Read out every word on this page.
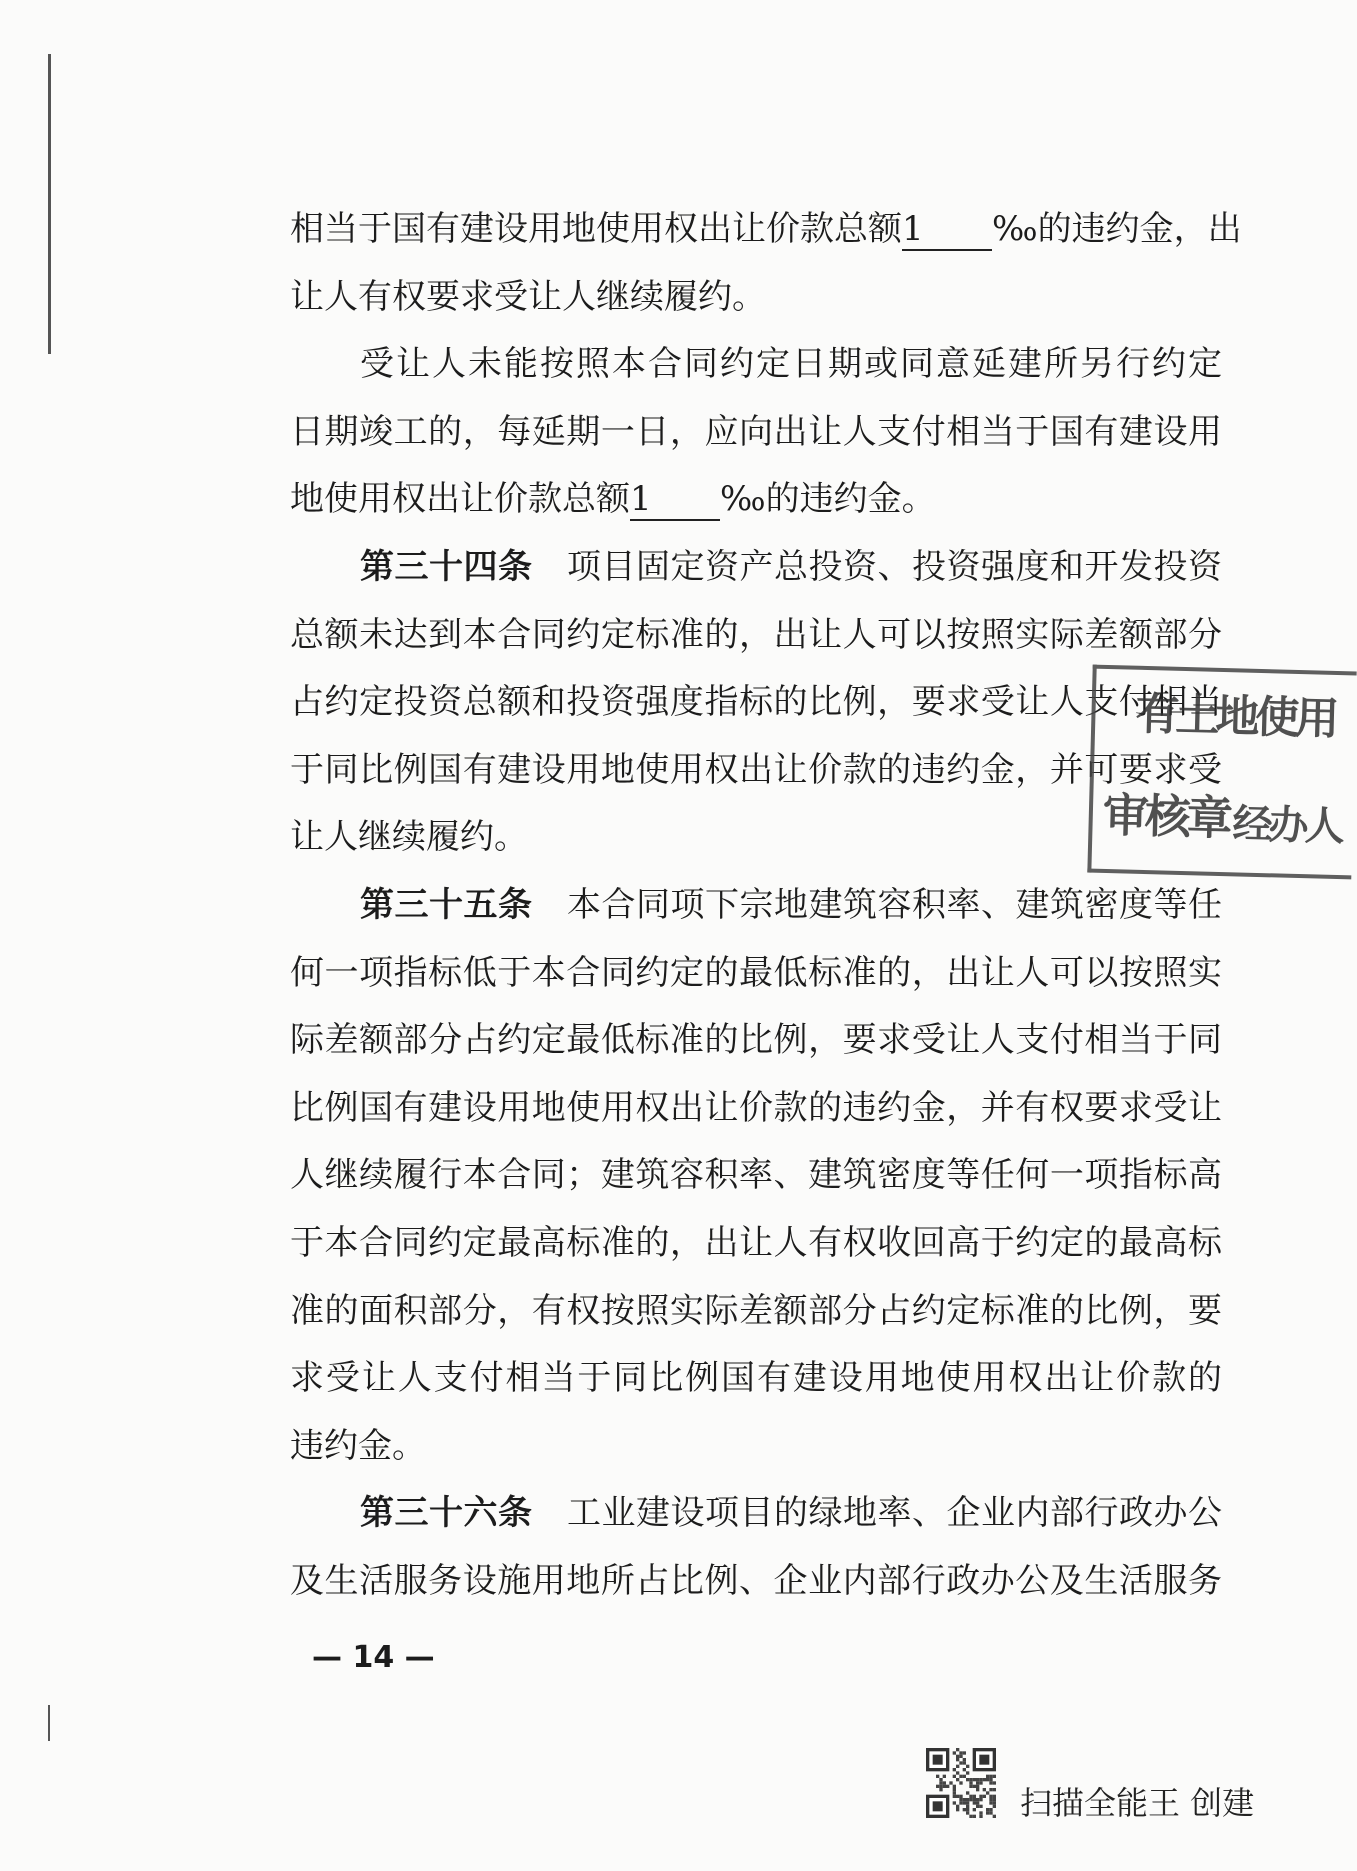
相当于国有建设用地使用权出让价款总额1 ‰的违约金，出
让人有权要求受让人继续履约。
受让人未能按照本合同约定日期或同意延建所另行约定
日期竣工的，每延期一日，应向出让人支付相当于国有建设用
地使用权出让价款总额1 ‰的违约金。
第三十四条 项目固定资产总投资、投资强度和开发投资
总额未达到本合同约定标准的，出让人可以按照实际差额部分
占约定投资总额和投资强度指标的比例，要求受让人支付相当
于同比例国有建设用地使用权出让价款的违约金，并可要求受
让人继续履约。
第三十五条 本合同项下宗地建筑容积率、建筑密度等任
何一项指标低于本合同约定的最低标准的，出让人可以按照实
际差额部分占约定最低标准的比例，要求受让人支付相当于同
比例国有建设用地使用权出让价款的违约金，并有权要求受让
人继续履行本合同；建筑容积率、建筑密度等任何一项指标高
于本合同约定最高标准的，出让人有权收回高于约定的最高标
准的面积部分，有权按照实际差额部分占约定标准的比例，要
求受让人支付相当于同比例国有建设用地使用权出让价款的
违约金。
第三十六条 工业建设项目的绿地率、企业内部行政办公
及生活服务设施用地所占比例、企业内部行政办公及生活服务
有土地使用
审核章 经办人
— 14 —
扫描全能王 创建
